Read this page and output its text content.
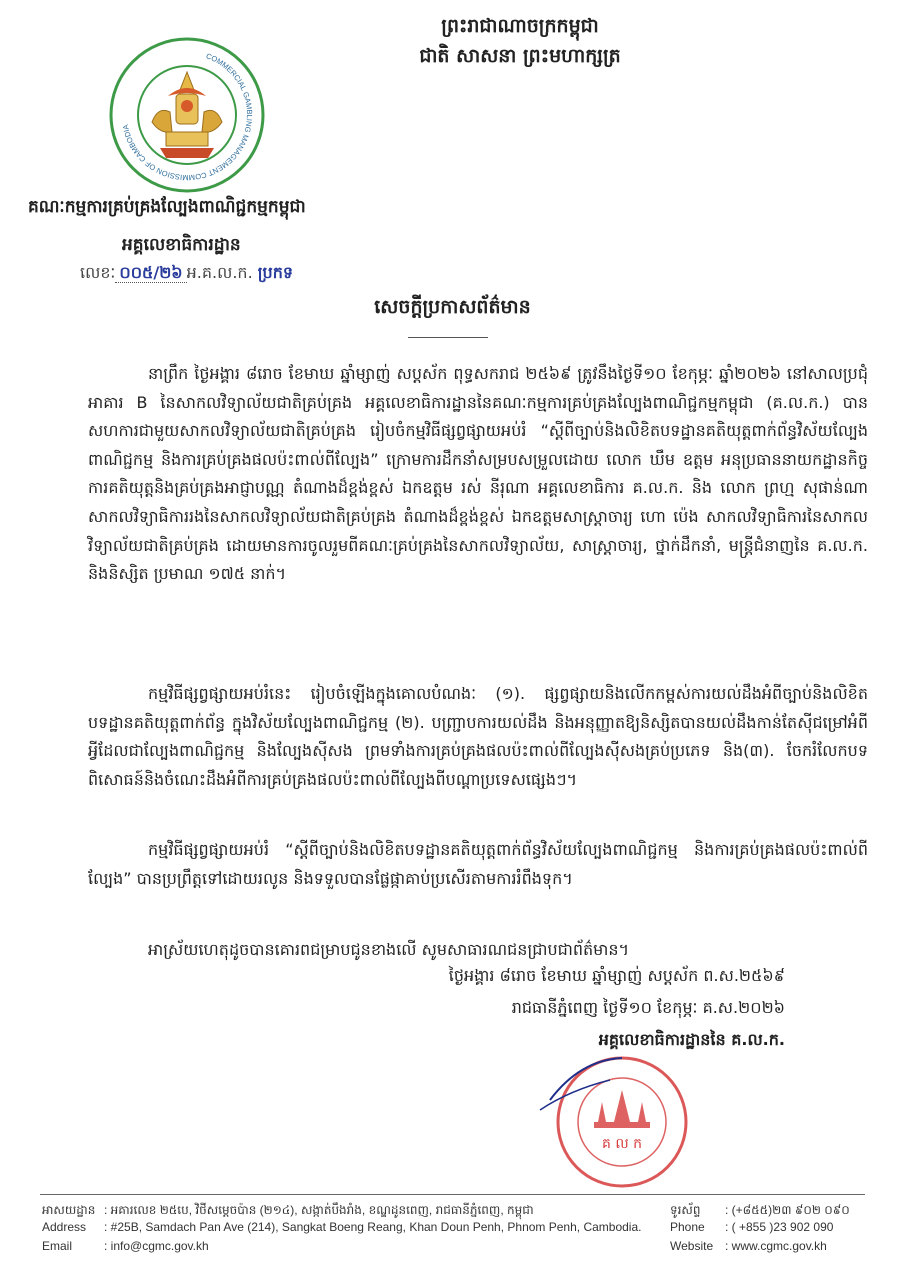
ព្រះរាជាណាចក្រកម្ពុជា
ជាតិ សាសនា ព្រះមហាក្សត្រ
COMMERCIAL GAMBLING MANAGEMENT COMMISSION OF CAMBODIA
គណៈកម្មការគ្រប់គ្រងល្បែងពាណិជ្ជកម្មកម្ពុជា
អគ្គលេខាធិការដ្ឋាន
លេខៈ ០០៥/២៦ អ.គ.ល.ក. ប្រកទ
សេចក្ដីប្រកាសព័ត៌មាន
នាព្រឹក ថ្ងៃអង្គារ ៨រោច ខែមាឃ ឆ្នាំម្សាញ់ សប្តស័ក ពុទ្ធសករាជ ២៥៦៩ ត្រូវនឹងថ្ងៃទី១០ ខែកុម្ភៈ ឆ្នាំ២០២៦ នៅសាលប្រជុំអាគារ B នៃសាកលវិទ្យាល័យជាតិគ្រប់គ្រង អគ្គលេខាធិការដ្ឋាននៃគណៈកម្មការគ្រប់គ្រងល្បែងពាណិជ្ជកម្មកម្ពុជា (គ.ល.ក.) បានសហការជាមួយសាកលវិទ្យាល័យជាតិគ្រប់គ្រង រៀបចំកម្មវិធីផ្សព្វផ្សាយអប់រំ “ស្ដីពីច្បាប់និងលិខិតបទដ្ឋានគតិយុត្តពាក់ព័ន្ធវិស័យល្បែងពាណិជ្ជកម្ម និងការគ្រប់គ្រងផលប៉ះពាល់ពីល្បែង” ក្រោមការដឹកនាំសម្របសម្រួលដោយ លោក ឃឹម ឧត្តម អនុប្រធាននាយកដ្ឋានកិច្ចការគតិយុត្តនិងគ្រប់គ្រងអាជ្ញាបណ្ណ តំណាងដ៏ខ្ពង់ខ្ពស់ ឯកឧត្តម រស់ នីរុណា អគ្គលេខាធិការ គ.ល.ក. និង លោក ព្រហ្ម សុផាន់ណា សាកលវិទ្យាធិការរងនៃសាកលវិទ្យាល័យជាតិគ្រប់គ្រង តំណាងដ៏ខ្ពង់ខ្ពស់ ឯកឧត្តមសាស្ត្រាចារ្យ ហោ ប៉េង សាកលវិទ្យាធិការនៃសាកលវិទ្យាល័យជាតិគ្រប់គ្រង ដោយមានការចូលរួមពីគណៈគ្រប់គ្រងនៃសាកលវិទ្យាល័យ, សាស្ត្រាចារ្យ, ថ្នាក់ដឹកនាំ, មន្ត្រីជំនាញនៃ គ.ល.ក. និងនិស្សិត ប្រមាណ ១៧៥ នាក់។
កម្មវិធីផ្សព្វផ្សាយអប់រំនេះ រៀបចំឡើងក្នុងគោលបំណងៈ (១). ផ្សព្វផ្សាយនិងលើកកម្ពស់ការយល់ដឹងអំពីច្បាប់និងលិខិតបទដ្ឋានគតិយុត្តពាក់ព័ន្ធ ក្នុងវិស័យល្បែងពាណិជ្ជកម្ម (២). បញ្ជ្រាបការយល់ដឹង និងអនុញ្ញាតឱ្យនិស្សិតបានយល់ដឹងកាន់តែស៊ីជម្រៅអំពីអ្វីដែលជាល្បែងពាណិជ្ជកម្ម និងល្បែងស៊ីសង ព្រមទាំងការគ្រប់គ្រងផលប៉ះពាល់ពីល្បែងស៊ីសងគ្រប់ប្រភេទ និង(៣). ចែករំលែកបទពិសោធន៍និងចំណេះដឹងអំពីការគ្រប់គ្រងផលប៉ះពាល់ពីល្បែងពីបណ្ដាប្រទេសផ្សេងៗ។
កម្មវិធីផ្សព្វផ្សាយអប់រំ “ស្ដីពីច្បាប់និងលិខិតបទដ្ឋានគតិយុត្តពាក់ព័ន្ធវិស័យល្បែងពាណិជ្ជកម្ម និងការគ្រប់គ្រងផលប៉ះពាល់ពីល្បែង” បានប្រព្រឹត្តទៅដោយរលូន និងទទួលបានផ្លែផ្កាគាប់ប្រសើរតាមការរំពឹងទុក។
អាស្រ័យហេតុដូចបានគោរពជម្រាបជូនខាងលើ សូមសាធារណជនជ្រាបជាព័ត៌មាន។
ថ្ងៃអង្គារ ៨រោច ខែមាឃ ឆ្នាំម្សាញ់ សប្តស័ក ព.ស.២៥៦៩
រាជធានីភ្នំពេញ ថ្ងៃទី១០ ខែកុម្ភៈ គ.ស.២០២៦
អគ្គលេខាធិការដ្ឋាននៃ គ.ល.ក.
គ ល ក
អាសយដ្ឋាន : អគារលេខ ២៥បេ, វិថីសម្ដេចប៉ាន (២១៤), សង្កាត់បឹងរាំង, ខណ្ឌដូនពេញ, រាជធានីភ្នំពេញ, កម្ពុជា	ទូរស័ព្ទ : (+៨៥៥)២៣ ៩០២ ០៩០
Address : #25B, Samdach Pan Ave (214), Sangkat Boeng Reang, Khan Doun Penh, Phnom Penh, Cambodia. Phone : ( +855 )23 902 090
Email	: info@cgmc.gov.kh	Website : www.cgmc.gov.kh
